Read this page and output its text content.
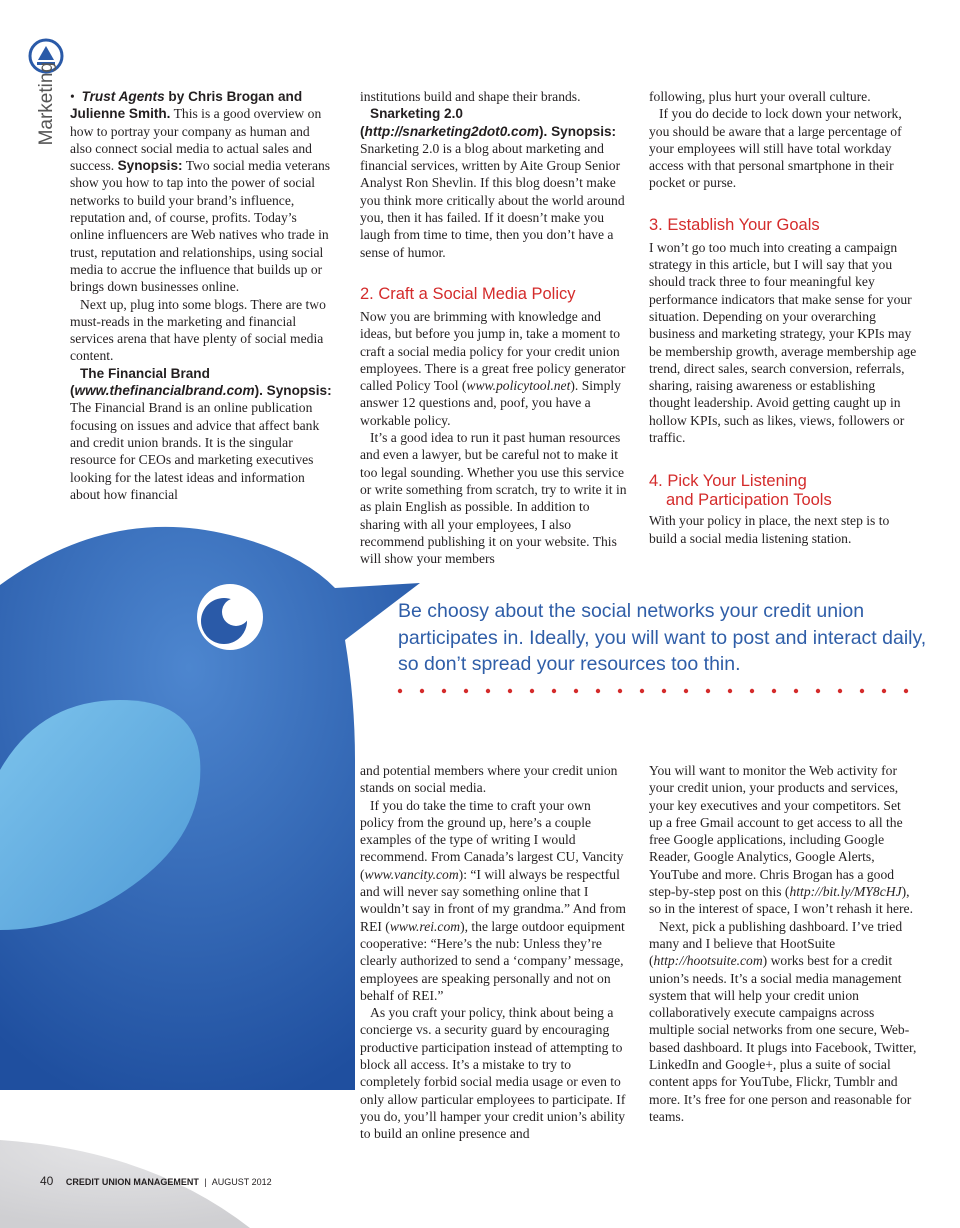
Marketing •  Trust Agents by Chris Brogan and Julienne Smith. This is a good overview on how to portray your company as human and also connect social media to actual sales and success. Synopsis: Two social media veterans show you how to tap into the power of social networks to build your brand’s influence, reputation and, of course, profits. Today’s online influencers are Web natives who trade in trust, reputation and relationships, using social media to accrue the influence that builds up or brings down businesses online.

Next up, plug into some blogs. There are two must-reads in the marketing and financial services arena that have plenty of social media content.

The Financial Brand (www.thefinancialbrand.com). Synopsis: The Financial Brand is an online publication focusing on issues and advice that affect bank and credit union brands. It is the singular resource for CEOs and marketing executives looking for the latest ideas and information about how financial

institutions build and shape their brands.

Snarketing 2.0 (http://snarketing2dot0.com). Synopsis: Snarketing 2.0 is a blog about marketing and financial services, written by Aite Group Senior Analyst Ron Shevlin. If this blog doesn’t make you think more critically about the world around you, then it has failed. If it doesn’t make you laugh from time to time, then you don’t have a sense of humor.

2. Craft a Social Media Policy

Now you are brimming with knowledge and ideas, but before you jump in, take a moment to craft a social media policy for your credit union employees. There is a great free policy generator called Policy Tool (www.policytool.net). Simply answer 12 questions and, poof, you have a workable policy.

It’s a good idea to run it past human resources and even a lawyer, but be careful not to make it too legal sounding. Whether you use this service or write something from scratch, try to write it in as plain English as possible. In addition to sharing with all your employees, I also recommend publishing it on your website. This will show your members

following, plus hurt your overall culture.

If you do decide to lock down your network, you should be aware that a large percentage of your employees will still have total workday access with that personal smartphone in their pocket or purse.

3. Establish Your Goals

I won’t go too much into creating a campaign strategy in this article, but I will say that you should track three to four meaningful key performance indicators that make sense for your situation. Depending on your overarching business and marketing strategy, your KPIs may be membership growth, average membership age trend, direct sales, search conversion, referrals, sharing, raising awareness or establishing thought leadership. Avoid getting caught up in hollow KPIs, such as likes, views, followers or traffic.

4. Pick Your Listening
and Participation Tools

With your policy in place, the next step is to build a social media listening station.

Be choosy about the social networks your credit union participates in. Ideally, you will want to post and interact daily, so don’t spread your resources too thin.

and potential members where your credit union stands on social media.

If you do take the time to craft your own policy from the ground up, here’s a couple examples of the type of writing I would recommend. From Canada’s largest CU, Vancity (www.vancity.com): “I will always be respectful and will never say something online that I wouldn’t say in front of my grandma.” And from REI (www.rei.com), the large outdoor equipment cooperative: “Here’s the nub: Unless they’re clearly authorized to send a ‘company’ message, employees are speaking personally and not on behalf of REI.”

As you craft your policy, think about being a concierge vs. a security guard by encouraging productive participation instead of attempting to block all access. It’s a mistake to try to completely forbid social media usage or even to only allow particular employees to participate. If you do, you’ll hamper your credit union’s ability to build an online presence and

You will want to monitor the Web activity for your credit union, your products and services, your key executives and your competitors. Set up a free Gmail account to get access to all the free Google applications, including Google Reader, Google Analytics, Google Alerts, YouTube and more. Chris Brogan has a good step-by-step post on this (http://bit.ly/MY8cHJ), so in the interest of space, I won’t rehash it here.

Next, pick a publishing dashboard. I’ve tried many and I believe that HootSuite (http://hootsuite.com) works best for a credit union’s needs. It’s a social media management system that will help your credit union collaboratively execute campaigns across multiple social networks from one secure, Web-based dashboard. It plugs into Facebook, Twitter, LinkedIn and Google+, plus a suite of social content apps for YouTube, Flickr, Tumblr and more. It’s free for one person and reasonable for teams.

40 CREDIT UNION MANAGEMENT | AUGUST 2012
